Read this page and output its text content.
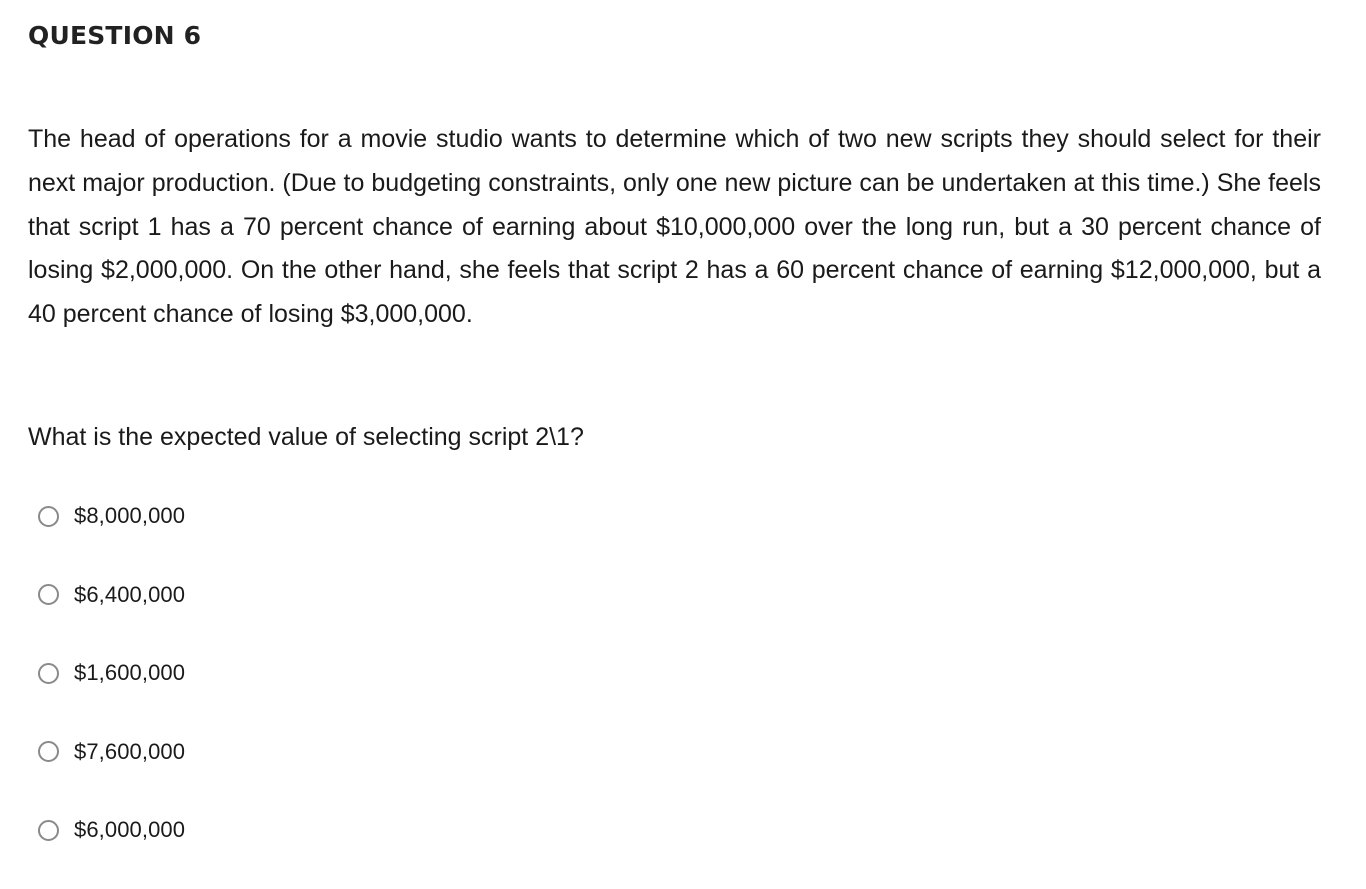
QUESTION 6

The head of operations for a movie studio wants to determine which of two new scripts they should select for their next major production. (Due to budgeting constraints, only one new picture can be undertaken at this time.) She feels that script 1 has a 70 percent chance of earning about $10,000,000 over the long run, but a 30 percent chance of losing $2,000,000. On the other hand, she feels that script 2 has a 60 percent chance of earning $12,000,000, but a 40 percent chance of losing $3,000,000.

What is the expected value of selecting script 2\1?

$8,000,000
$6,400,000
$1,600,000
$7,600,000
$6,000,000
